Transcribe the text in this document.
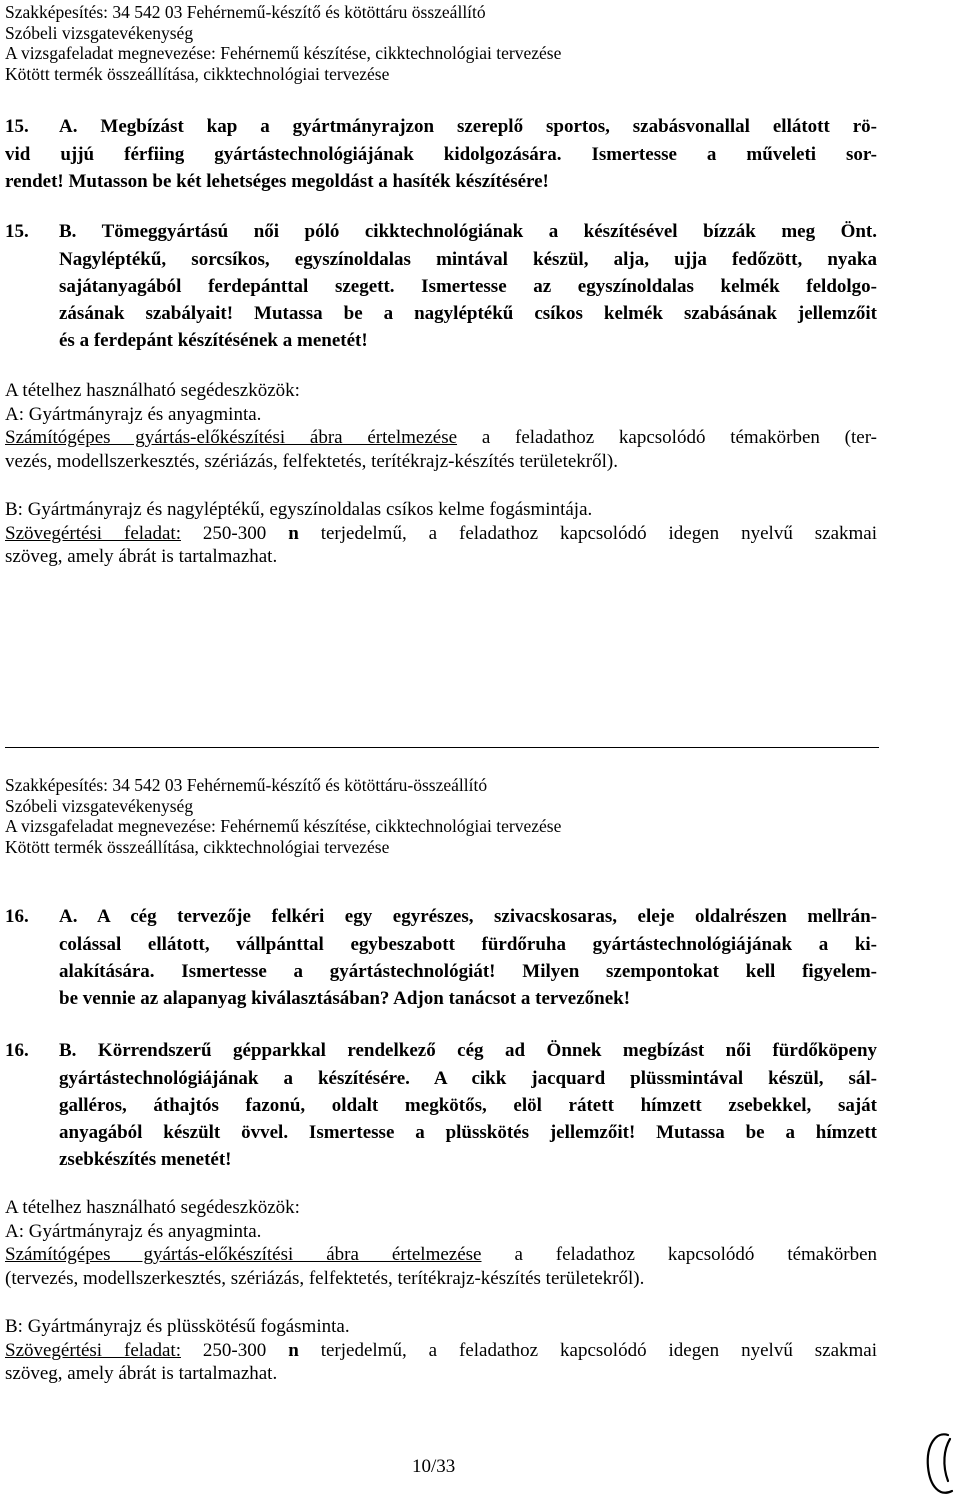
Szakképesítés: 34 542 03 Fehérnemű-készítő és kötöttáru összeállító
Szóbeli vizsgatevékenység
A vizsgafeladat megnevezése: Fehérnemű készítése, cikktechnológiai tervezése
Kötött termék összeállítása, cikktechnológiai tervezése
15.	A. Megbízást kap a gyártmányrajzon szereplő sportos, szabásvonallal ellátott rö-
vid ujjú férfiing gyártástechnológiájának kidolgozására. Ismertesse a műveleti sor-
rendet! Mutasson be két lehetséges megoldást a hasíték készítésére!
15.	B. Tömeggyártású női póló cikktechnológiának a készítésével bízzák meg Önt.
Nagyléptékű, sorcsíkos, egyszínoldalas mintával készül, alja, ujja fedőzött, nyaka
sajátanyagából ferdepánttal szegett. Ismertesse az egyszínoldalas kelmék feldolgo-
zásának szabályait! Mutassa be a nagyléptékű csíkos kelmék szabásának jellemzőit
és a ferdepánt készítésének a menetét!
A tételhez használható segédeszközök:
A: Gyártmányrajz és anyagminta.
Számítógépes gyártás-előkészítési ábra értelmezése a feladathoz kapcsolódó témakörben (ter-
vezés, modellszerkesztés, szériázás, felfektetés, terítékrajz-készítés területekről).
B: Gyártmányrajz és nagyléptékű, egyszínoldalas csíkos kelme fogásmintája.
Szövegértési feladat: 250-300 n terjedelmű, a feladathoz kapcsolódó idegen nyelvű szakmai
szöveg, amely ábrát is tartalmazhat.
Szakképesítés: 34 542 03 Fehérnemű-készítő és kötöttáru-összeállító
Szóbeli vizsgatevékenység
A vizsgafeladat megnevezése: Fehérnemű készítése, cikktechnológiai tervezése
Kötött termék összeállítása, cikktechnológiai tervezése
16.	A. A cég tervezője felkéri egy egyrészes, szivacskosaras, eleje oldalrészen mellrán-
colással ellátott, vállpánttal egybeszabott fürdőruha gyártástechnológiájának a ki-
alakítására. Ismertesse a gyártástechnológiát! Milyen szempontokat kell figyelem-
be vennie az alapanyag kiválasztásában? Adjon tanácsot a tervezőnek!
16.	B. Körrendszerű gépparkkal rendelkező cég ad Önnek megbízást női fürdőköpeny
gyártástechnológiájának a készítésére. A cikk jacquard plüssmintával készül, sál-
galléros, áthajtós fazonú, oldalt megkötős, elöl rátett hímzett zsebekkel, saját
anyagából készült övvel. Ismertesse a plüsskötés jellemzőit! Mutassa be a hímzett
zsebkészítés menetét!
A tételhez használható segédeszközök:
A: Gyártmányrajz és anyagminta.
Számítógépes gyártás-előkészítési ábra értelmezése a feladathoz kapcsolódó témakörben
(tervezés, modellszerkesztés, szériázás, felfektetés, terítékrajz-készítés területekről).
B: Gyártmányrajz és plüsskötésű fogásminta.
Szövegértési feladat: 250-300 n terjedelmű, a feladathoz kapcsolódó idegen nyelvű szakmai
szöveg, amely ábrát is tartalmazhat.
10/33
